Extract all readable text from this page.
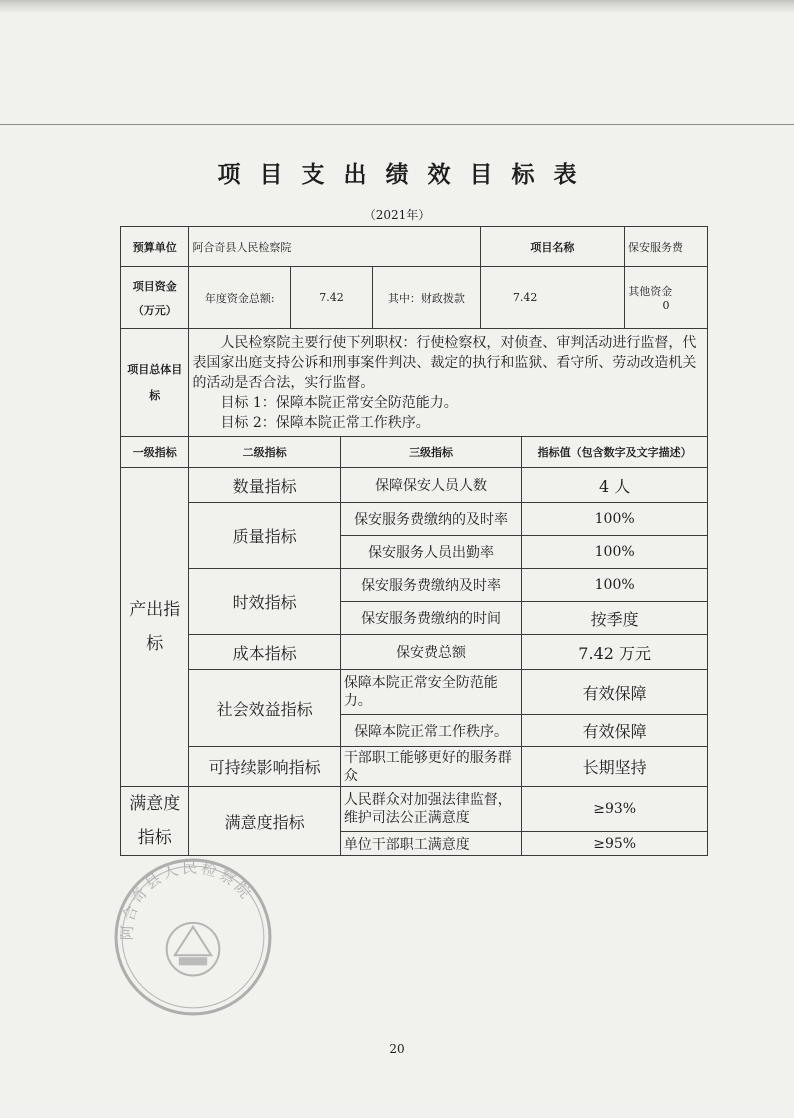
项目支出绩效目标表
（2021年）
预算单位	阿合奇县人民检察院				项目名称		保安服务费

项目资金
（万元）	年度资金总额:	7.42		其中：财政拨款	7.42		其他资金  0
项目总体目标	人民检察院主要行使下列职权：行使检察权，对侦查、审判活动进行监督，代表国家出庭支持公诉和刑事案件判决、裁定的执行和监狱、看守所、劳动改造机关的活动是否合法，实行监督。

目标 1：保障本院正常安全防范能力。

目标 2：保障本院正常工作秩序。						

一级指标	二级指标		三级指标			指标值（包含数字及文字描述）	
产出指标	数量指标		保障保安人员人数			4 人	
	质量指标		保安服务费缴纳的及时率			100%	
			保安服务人员出勤率			100%	
	时效指标		保安服务费缴纳及时率			100%	
			保安服务费缴纳的时间			按季度	
	成本指标		保安费总额			7.42 万元	
	社会效益指标		保障本院正常安全防范能力。			有效保障	
			保障本院正常工作秩序。			有效保障	
	可持续影响指标		干部职工能够更好的服务群众			长期坚持	
满意度指标	满意度指标		人民群众对加强法律监督，维护司法公正满意度			≥93%	
			单位干部职工满意度			≥95%	
阿合奇县人民检察院
20
